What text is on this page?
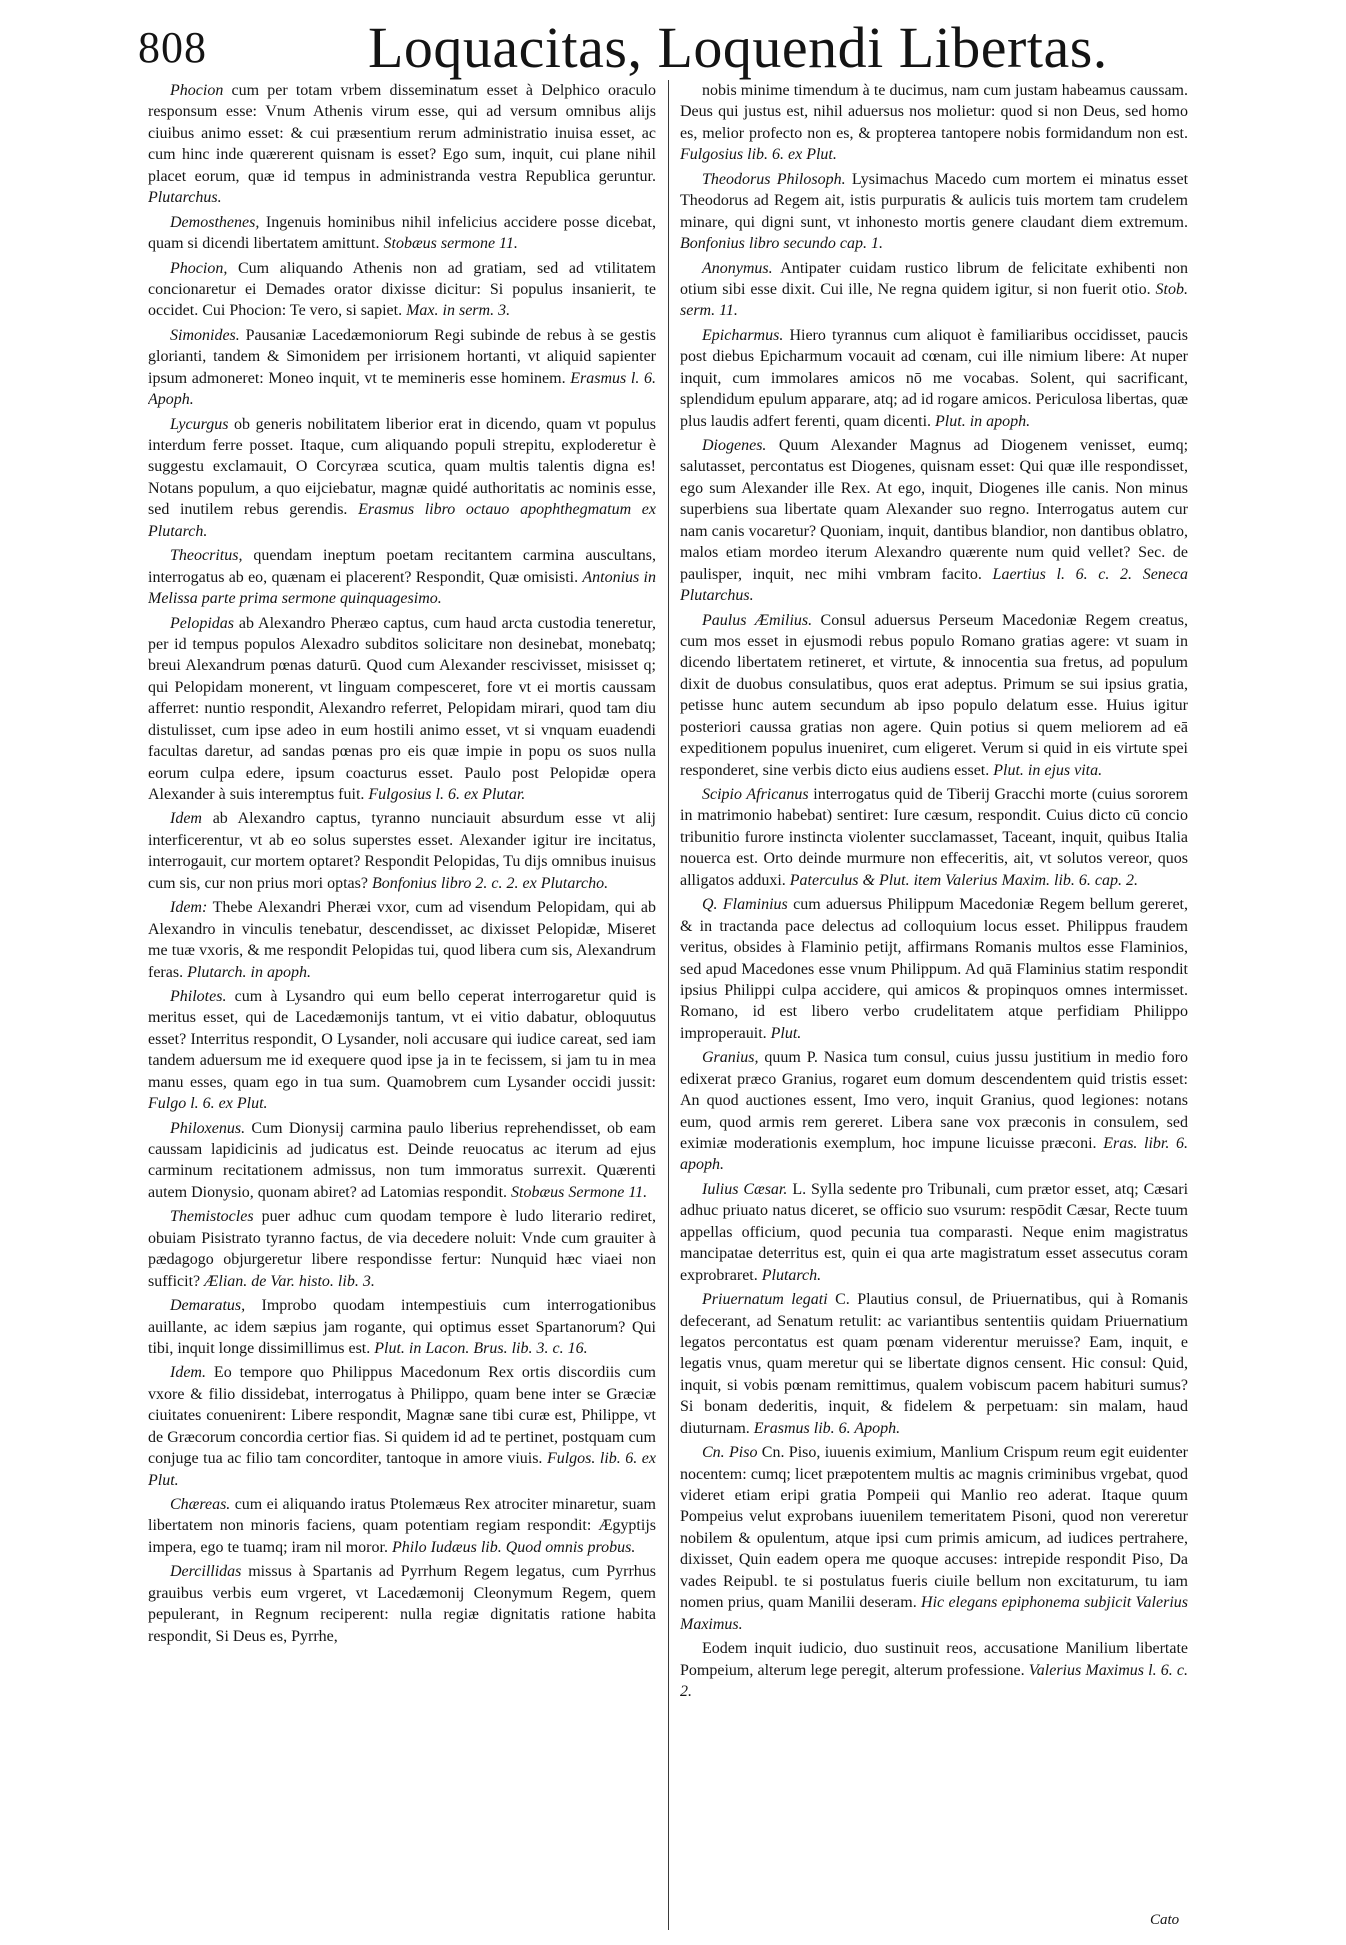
808	Loquacitas, Loquendi Libertas.

Phocion cum per totam vrbem disseminatum esset à Delphico oraculo responsum esse: Vnum Athenis virum esse, qui ad versum omnibus alijs ciuibus animo esset: & cui præsentium rerum administratio inuisa esset, ac cum hinc inde quærerent quisnam is esset? Ego sum, inquit, cui plane nihil placet eorum, quæ id tempus in administranda vestra Republica geruntur. Plutarchus.

Demosthenes, Ingenuis hominibus nihil infelicius accidere posse dicebat, quam si dicendi libertatem amittunt. Stobæus sermone 11.

Phocion, Cum aliquando Athenis non ad gratiam, sed ad vtilitatem concionaretur ei Demades orator dixisse dicitur: Si populus insanierit, te occidet. Cui Phocion: Te vero, si sapiet. Max. in serm. 3.

Simonides. Pausaniæ Lacedæmoniorum Regi subinde de rebus à se gestis glorianti, tandem & Simonidem per irrisionem hortanti, vt aliquid sapienter ipsum admoneret: Moneo inquit, vt te memineris esse hominem. Erasmus l. 6. Apoph.

Lycurgus ob generis nobilitatem liberior erat in dicendo, quam vt populus interdum ferre posset. Itaque, cum aliquando populi strepitu, exploderetur è suggestu exclamauit, O Corcyræa scutica, quam multis talentis digna es! Notans populum, a quo eijciebatur, magnæ quidé authoritatis ac nominis esse, sed inutilem rebus gerendis. Erasmus libro octauo apophthegmatum ex Plutarch.

Theocritus, quendam ineptum poetam recitantem carmina auscultans, interrogatus ab eo, quænam ei placerent? Respondit, Quæ omisisti. Antonius in Melissa parte prima sermone quinquagesimo.

Pelopidas ab Alexandro Pheræo captus, cum haud arcta custodia teneretur, per id tempus populos Alexadro subditos solicitare non desinebat, monebatq; breui Alexandrum pœnas daturū. Quod cum Alexander rescivisset, misisset q; qui Pelopidam monerent, vt linguam compesceret, fore vt ei mortis caussam afferret: nuntio respondit, Alexandro referret, Pelopidam mirari, quod tam diu distulisset, cum ipse adeo in eum hostili animo esset, vt si vnquam euadendi facultas daretur, ad sandas pœnas pro eis quæ impie in popu os suos nulla eorum culpa edere, ipsum coacturus esset. Paulo post Pelopidæ opera Alexander à suis interemptus fuit. Fulgosius l. 6. ex Plutar.

Idem ab Alexandro captus, tyranno nunciauit absurdum esse vt alij interficerentur, vt ab eo solus superstes esset. Alexander igitur ire incitatus, interrogauit, cur mortem optaret? Respondit Pelopidas, Tu dijs omnibus inuisus cum sis, cur non prius mori optas? Bonfonius libro 2. c. 2. ex Plutarcho.

Idem: Thebe Alexandri Pheræi vxor, cum ad visendum Pelopidam, qui ab Alexandro in vinculis tenebatur, descendisset, ac dixisset Pelopidæ, Miseret me tuæ vxoris, & me respondit Pelopidas tui, quod libera cum sis, Alexandrum feras. Plutarch. in apoph.

Philotes. cum à Lysandro qui eum bello ceperat interrogaretur quid is meritus esset, qui de Lacedæmonijs tantum, vt ei vitio dabatur, obloquutus esset? Interritus respondit, O Lysander, noli accusare qui iudice careat, sed iam tandem aduersum me id exequere quod ipse ja in te fecissem, si jam tu in mea manu esses, quam ego in tua sum. Quamobrem cum Lysander occidi jussit: Fulgo l. 6. ex Plut.

Philoxenus. Cum Dionysij carmina paulo liberius reprehendisset, ob eam caussam lapidicinis ad judicatus est. Deinde reuocatus ac iterum ad ejus carminum recitationem admissus, non tum immoratus surrexit. Quærenti autem Dionysio, quonam abiret? ad Latomias respondit. Stobæus Sermone 11.

Themistocles puer adhuc cum quodam tempore è ludo literario rediret, obuiam Pisistrato tyranno factus, de via decedere noluit: Vnde cum grauiter à pædagogo objurgeretur libere respondisse fertur: Nunquid hæc viaei non sufficit? Ælian. de Var. histo. lib. 3.

Demaratus, Improbo quodam intempestiuis cum interrogationibus auillante, ac idem sæpius jam rogante, qui optimus esset Spartanorum? Qui tibi, inquit longe dissimillimus est. Plut. in Lacon. Brus. lib. 3. c. 16.

Idem. Eo tempore quo Philippus Macedonum Rex ortis discordiis cum vxore & filio dissidebat, interrogatus à Philippo, quam bene inter se Græciæ ciuitates conuenirent: Libere respondit, Magnæ sane tibi curæ est, Philippe, vt de Græcorum concordia certior fias. Si quidem id ad te pertinet, postquam cum conjuge tua ac filio tam concorditer, tantoque in amore viuis. Fulgos. lib. 6. ex Plut.

Chæreas. cum ei aliquando iratus Ptolemæus Rex atrociter minaretur, suam libertatem non minoris faciens, quam potentiam regiam respondit: Ægyptijs impera, ego te tuamq; iram nil moror. Philo Iudæus lib. Quod omnis probus.

Dercillidas missus à Spartanis ad Pyrrhum Regem legatus, cum Pyrrhus grauibus verbis eum vrgeret, vt Lacedæmonij Cleonymum Regem, quem pepulerant, in Regnum reciperent: nulla regiæ dignitatis ratione habita respondit, Si Deus es, Pyrrhe,

nobis minime timendum à te ducimus, nam cum justam habeamus caussam. Deus qui justus est, nihil aduersus nos molietur: quod si non Deus, sed homo es, melior profecto non es, & propterea tantopere nobis formidandum non est. Fulgosius lib. 6. ex Plut.

Theodorus Philosoph. Lysimachus Macedo cum mortem ei minatus esset Theodorus ad Regem ait, istis purpuratis & aulicis tuis mortem tam crudelem minare, qui digni sunt, vt inhonesto mortis genere claudant diem extremum. Bonfonius libro secundo cap. 1.

Anonymus. Antipater cuidam rustico librum de felicitate exhibenti non otium sibi esse dixit. Cui ille, Ne regna quidem igitur, si non fuerit otio. Stob. serm. 11.

Epicharmus. Hiero tyrannus cum aliquot è familiaribus occidisset, paucis post diebus Epicharmum vocauit ad cœnam, cui ille nimium libere: At nuper inquit, cum immolares amicos nō me vocabas. Solent, qui sacrificant, splendidum epulum apparare, atq; ad id rogare amicos. Periculosa libertas, quæ plus laudis adfert ferenti, quam dicenti. Plut. in apoph.

Diogenes. Quum Alexander Magnus ad Diogenem venisset, eumq; salutasset, percontatus est Diogenes, quisnam esset: Qui quæ ille respondisset, ego sum Alexander ille Rex. At ego, inquit, Diogenes ille canis. Non minus superbiens sua libertate quam Alexander suo regno. Interrogatus autem cur nam canis vocaretur? Quoniam, inquit, dantibus blandior, non dantibus oblatro, malos etiam mordeo iterum Alexandro quærente num quid vellet? Sec. de paulisper, inquit, nec mihi vmbram facito. Laertius l. 6. c. 2. Seneca Plutarchus.

Paulus Æmilius. Consul aduersus Perseum Macedoniæ Regem creatus, cum mos esset in ejusmodi rebus populo Romano gratias agere: vt suam in dicendo libertatem retineret, et virtute, & innocentia sua fretus, ad populum dixit de duobus consulatibus, quos erat adeptus. Primum se sui ipsius gratia, petisse hunc autem secundum ab ipso populo delatum esse. Huius igitur posteriori caussa gratias non agere. Quin potius si quem meliorem ad eā expeditionem populus inueniret, cum eligeret. Verum si quid in eis virtute spei responderet, sine verbis dicto eius audiens esset. Plut. in ejus vita.

Scipio Africanus interrogatus quid de Tiberij Gracchi morte (cuius sororem in matrimonio habebat) sentiret: Iure cæsum, respondit. Cuius dicto cū concio tribunitio furore instincta violenter succlamasset, Taceant, inquit, quibus Italia nouerca est. Orto deinde murmure non effeceritis, ait, vt solutos vereor, quos alligatos adduxi. Paterculus & Plut. item Valerius Maxim. lib. 6. cap. 2.

Q. Flaminius cum aduersus Philippum Macedoniæ Regem bellum gereret, & in tractanda pace delectus ad colloquium locus esset. Philippus fraudem veritus, obsides à Flaminio petijt, affirmans Romanis multos esse Flaminios, sed apud Macedones esse vnum Philippum. Ad quā Flaminius statim respondit ipsius Philippi culpa accidere, qui amicos & propinquos omnes intermisset. Romano, id est libero verbo crudelitatem atque perfidiam Philippo improperauit. Plut.

Granius, quum P. Nasica tum consul, cuius jussu justitium in medio foro edixerat præco Granius, rogaret eum domum descendentem quid tristis esset: An quod auctiones essent, Imo vero, inquit Granius, quod legiones: notans eum, quod armis rem gereret. Libera sane vox præconis in consulem, sed eximiæ moderationis exemplum, hoc impune licuisse præconi. Eras. libr. 6. apoph.

Iulius Cæsar. L. Sylla sedente pro Tribunali, cum prætor esset, atq; Cæsari adhuc priuato natus diceret, se officio suo vsurum: respōdit Cæsar, Recte tuum appellas officium, quod pecunia tua comparasti. Neque enim magistratus mancipatae deterritus est, quin ei qua arte magistratum esset assecutus coram exprobraret. Plutarch.

Priuernatum legati C. Plautius consul, de Priuernatibus, qui à Romanis defecerant, ad Senatum retulit: ac variantibus sententiis quidam Priuernatium legatos percontatus est quam pœnam viderentur meruisse? Eam, inquit, e legatis vnus, quam meretur qui se libertate dignos censent. Hic consul: Quid, inquit, si vobis pœnam remittimus, qualem vobiscum pacem habituri sumus? Si bonam dederitis, inquit, & fidelem & perpetuam: sin malam, haud diuturnam. Erasmus lib. 6. Apoph.

Cn. Piso Cn. Piso, iuuenis eximium, Manlium Crispum reum egit euidenter nocentem: cumq; licet præpotentem multis ac magnis criminibus vrgebat, quod videret etiam eripi gratia Pompeii qui Manlio reo aderat. Itaque quum Pompeius velut exprobans iuuenilem temeritatem Pisoni, quod non vereretur nobilem & opulentum, atque ipsi cum primis amicum, ad iudices pertrahere, dixisset, Quin eadem opera me quoque accuses: intrepide respondit Piso, Da vades Reipubl. te si postulatus fueris ciuile bellum non excitaturum, tu iam nomen prius, quam Manilii deseram. Hic elegans epiphonema subjicit Valerius Maximus.

Eodem inquit iudicio, duo sustinuit reos, accusatione Manilium libertate Pompeium, alterum lege peregit, alterum professione. Valerius Maximus l. 6. c. 2.

Cato
